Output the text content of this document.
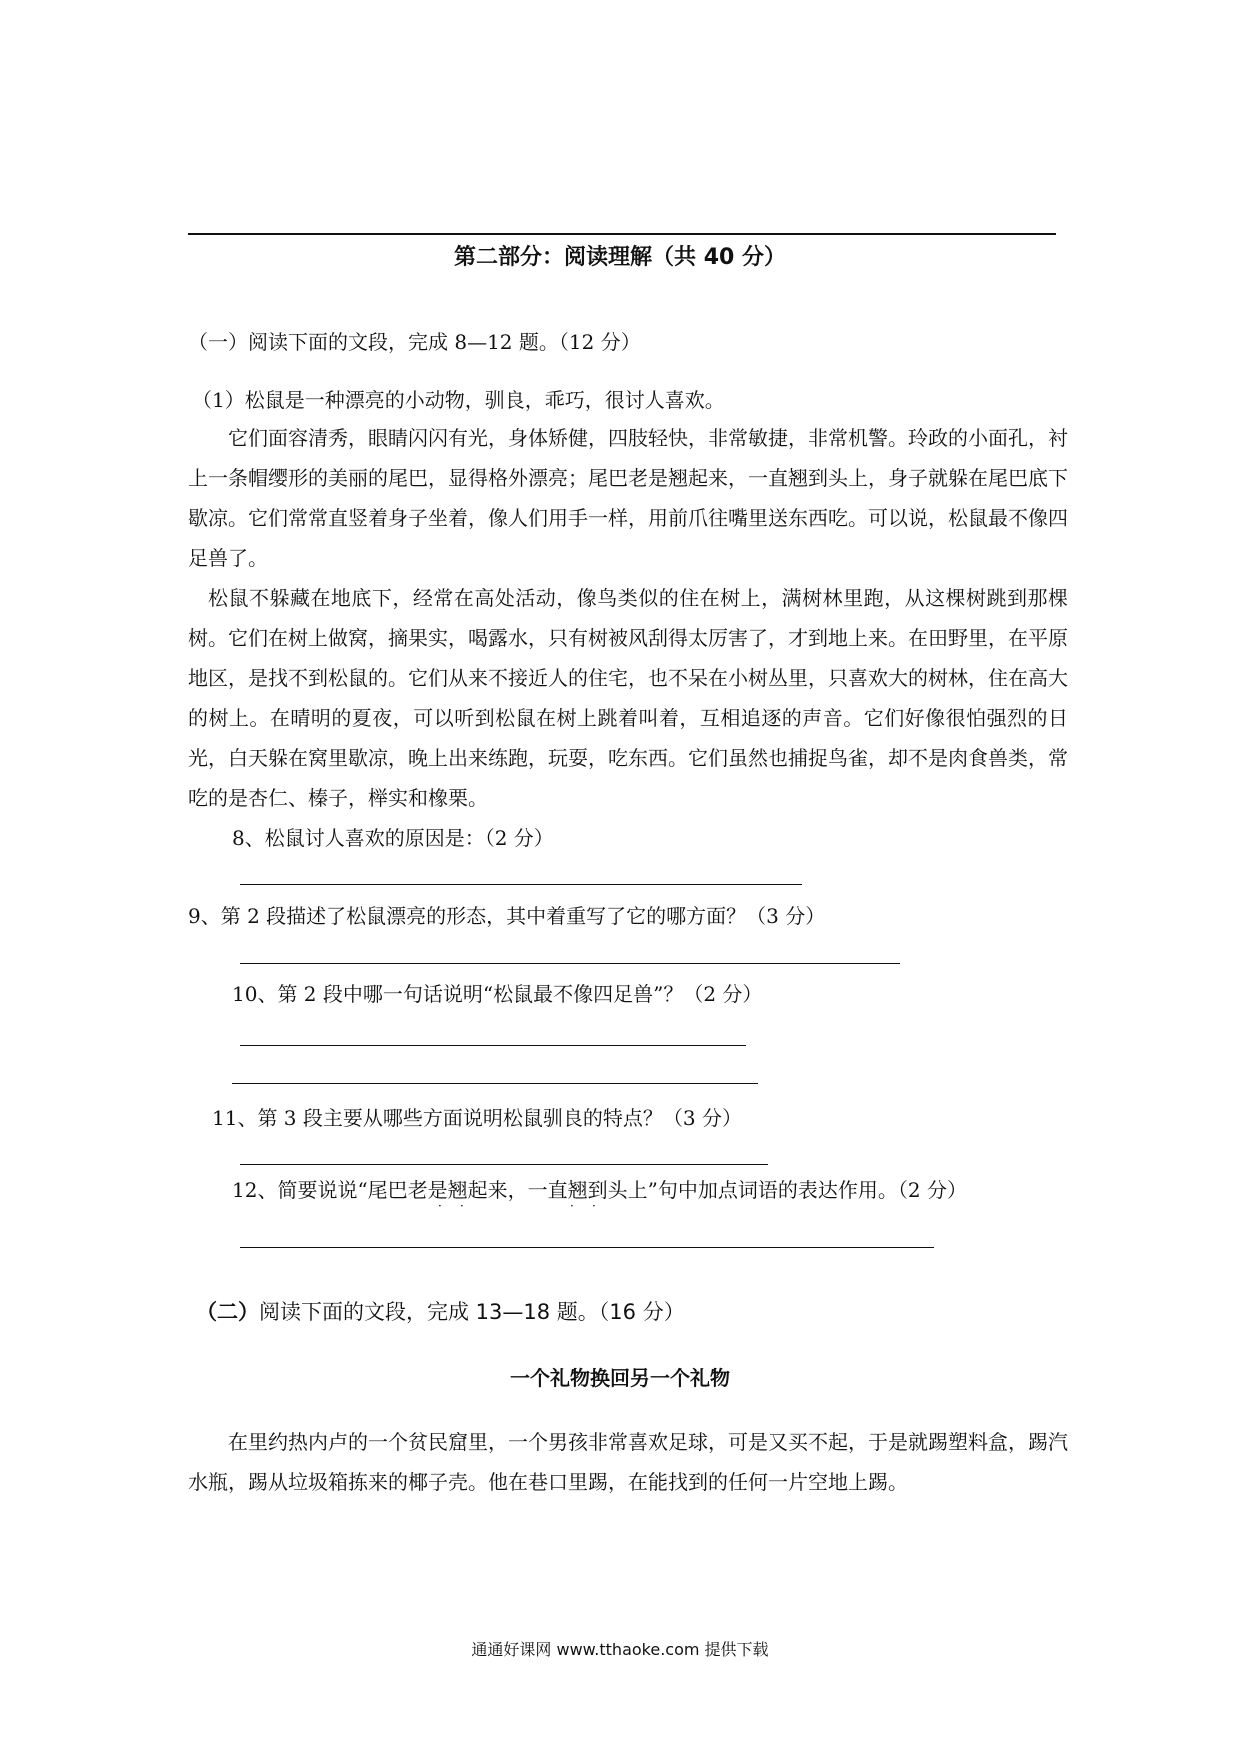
第二部分：阅读理解（共 40 分）
（一）阅读下面的文段，完成 8—12 题。（12 分）
（1）松鼠是一种漂亮的小动物，驯良，乖巧，很讨人喜欢。
它们面容清秀，眼睛闪闪有光，身体矫健，四肢轻快，非常敏捷，非常机警。玲政的小面孔，衬上一条帽缨形的美丽的尾巴，显得格外漂亮；尾巴老是翘起来，一直翘到头上，身子就躲在尾巴底下歇凉。它们常常直竖着身子坐着，像人们用手一样，用前爪往嘴里送东西吃。可以说，松鼠最不像四足兽了。
松鼠不躲藏在地底下，经常在高处活动，像鸟类似的住在树上，满树林里跑，从这棵树跳到那棵树。它们在树上做窝，摘果实，喝露水，只有树被风刮得太厉害了，才到地上来。在田野里，在平原地区，是找不到松鼠的。它们从来不接近人的住宅，也不呆在小树丛里，只喜欢大的树林，住在高大的树上。在晴明的夏夜，可以听到松鼠在树上跳着叫着，互相追逐的声音。它们好像很怕强烈的日光，白天躲在窝里歇凉，晚上出来练跑，玩耍，吃东西。它们虽然也捕捉鸟雀，却不是肉食兽类，常吃的是杏仁、榛子，榉实和橡栗。
8、松鼠讨人喜欢的原因是：（2 分）
9、第 2 段描述了松鼠漂亮的形态，其中着重写了它的哪方面？（3 分）
10、第 2 段中哪一句话说明“松鼠最不像四足兽”？（2 分）
11、第 3 段主要从哪些方面说明松鼠驯良的特点？（3 分）
12、简要说说“尾巴老是翘起来，一直翘到头上”句中加点词语的表达作用。（2 分）
· ·	· ·
（二）阅读下面的文段，完成 13—18 题。（16 分）
一个礼物换回另一个礼物
在里约热内卢的一个贫民窟里，一个男孩非常喜欢足球，可是又买不起，于是就踢塑料盒，踢汽水瓶，踢从垃圾箱拣来的椰子壳。他在巷口里踢，在能找到的任何一片空地上踢。
通通好课网 www.tthaoke.com 提供下载
